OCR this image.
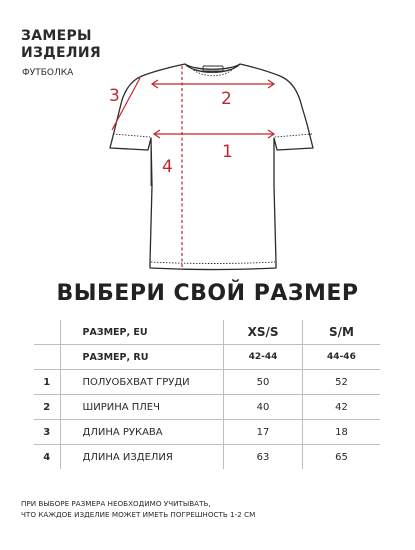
ЗАМЕРЫ
ИЗДЕЛИЯ
ФУТБОЛКА
3	2
1
4
ВЫБЕРИ СВОЙ РАЗМЕР
	РАЗМЕР, EU	XS/S	S/M
	РАЗМЕР, RU	42-44	44-46
1	ПОЛУОБХВАТ ГРУДИ	50	52
2	ШИРИНА ПЛЕЧ	40	42
3	ДЛИНА РУКАВА	17	18
4	ДЛИНА ИЗДЕЛИЯ	63	65
ПРИ ВЫБОРЕ РАЗМЕРА НЕОБХОДИМО УЧИТЫВАТЬ,
ЧТО КАЖДОЕ ИЗДЕЛИЕ МОЖЕТ ИМЕТЬ ПОГРЕШНОСТЬ 1-2 СМ
